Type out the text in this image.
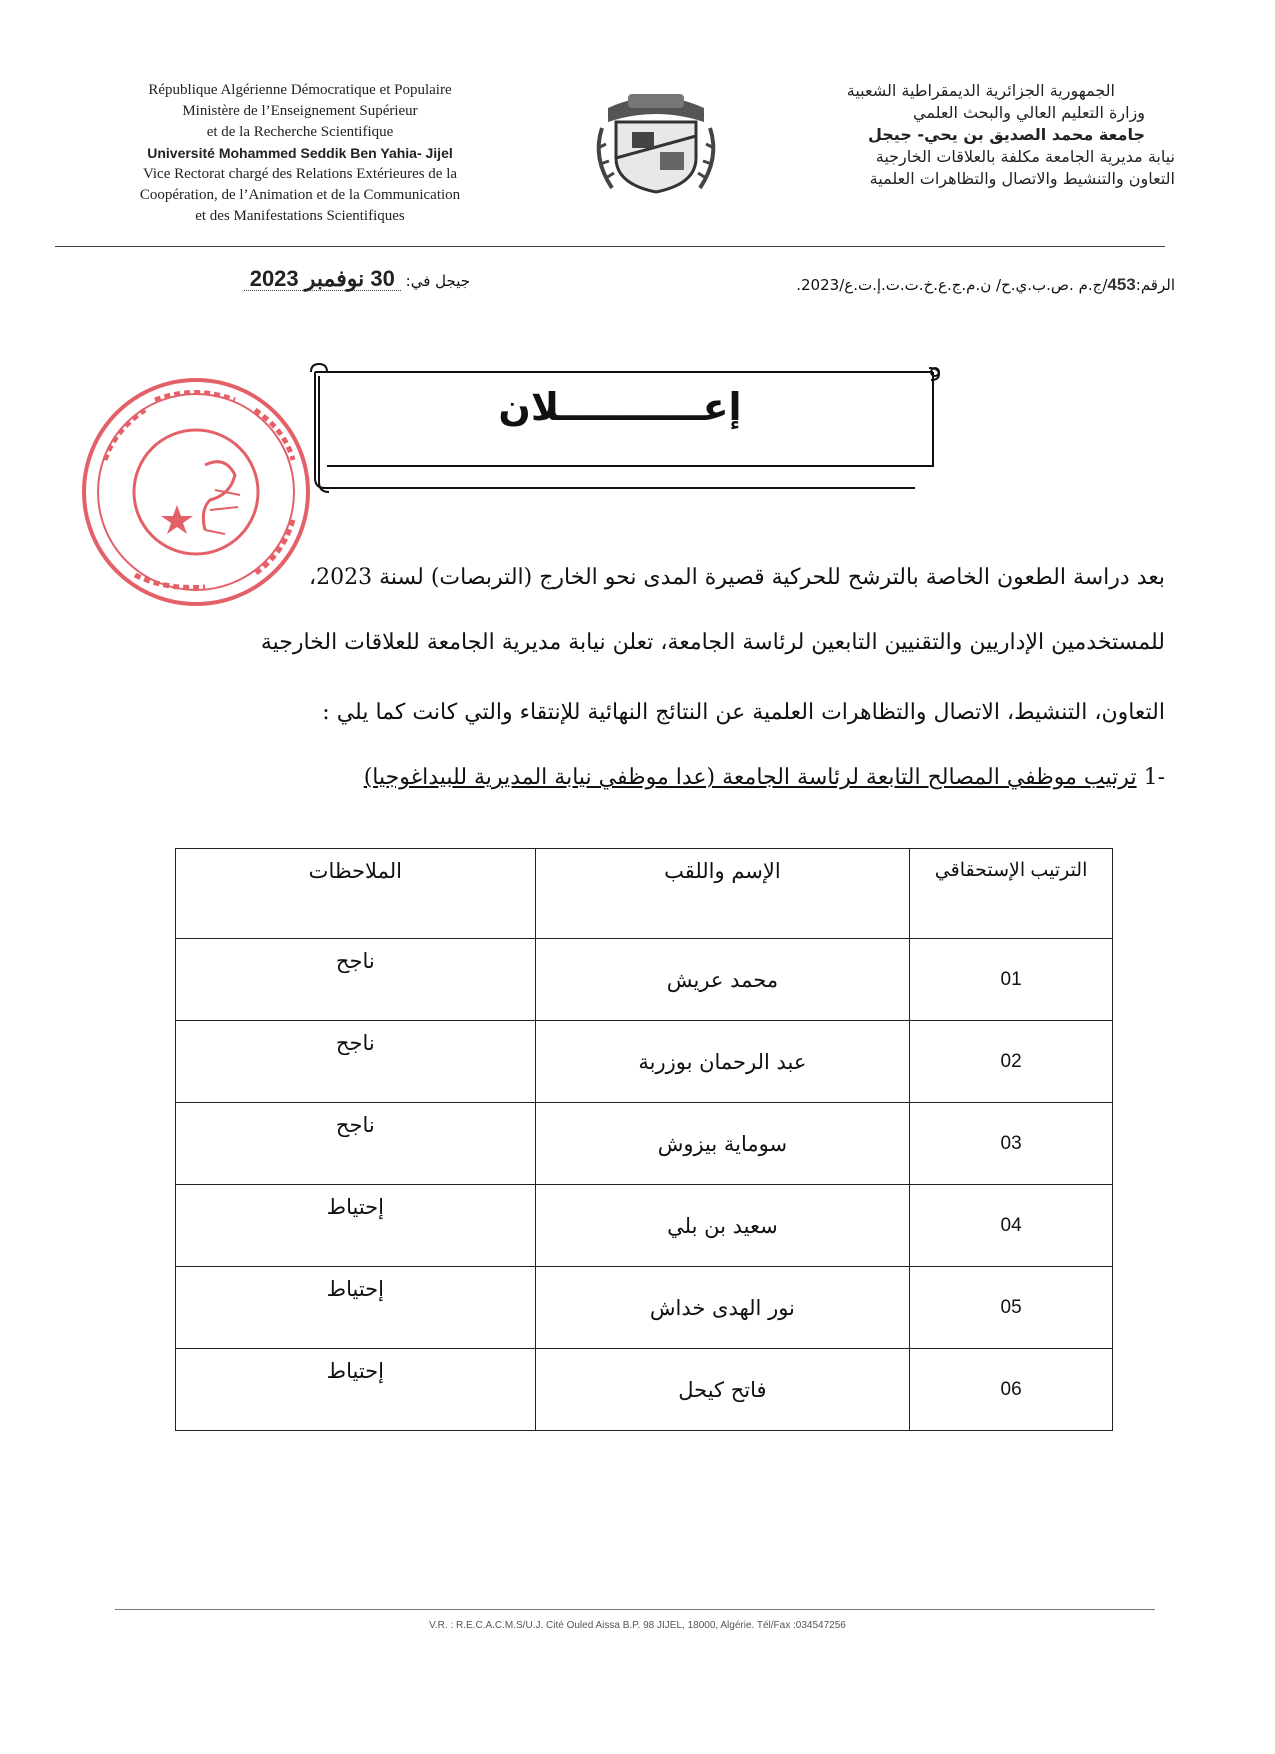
République Algérienne Démocratique et Populaire
Ministère de l’Enseignement Supérieur
et de la Recherche Scientifique
Université Mohammed Seddik Ben Yahia- Jijel
Vice Rectorat chargé des Relations Extérieures de la
Coopération, de l’Animation et de la Communication
et des Manifestations Scientifiques
الجمهورية الجزائرية الديمقراطية الشعبية
وزارة التعليم العالي والبحث العلمي
جامعة محمد الصديق بن يحي- جيجل
نيابة مديرية الجامعة مكلفة بالعلاقات الخارجية
التعاون والتنشيط والاتصال والتظاهرات العلمية
الرقم:453/ج.م .ص.ب.ي.ح/ ن.م.ج.ع.خ.ت.ت.إ.ت.ع/2023.
جيجل في: 30 نوفمبر 2023
إعـــــــــــلان
بعد دراسة الطعون الخاصة بالترشح للحركية قصيرة المدى نحو الخارج (التربصات) لسنة 2023،
للمستخدمين الإداريين والتقنيين التابعين لرئاسة الجامعة، تعلن نيابة مديرية الجامعة للعلاقات الخارجية
التعاون، التنشيط، الاتصال والتظاهرات العلمية عن النتائج النهائية للإنتقاء والتي كانت كما يلي :
-1 ترتيب موظفي المصالح التابعة لرئاسة الجامعة (عدا موظفي نيابة المديرية للبيداغوجيا)
الترتيب الإستحقاقي	الإسم واللقب	الملاحظات
01	محمد عريش	ناجح
02	عبد الرحمان بوزربة	ناجح
03	سومایة بیزوش	ناجح
04	سعيد بن بلي	إحتياط
05	نور الهدى خداش	إحتياط
06	فاتح كيحل	إحتياط
V.R. : R.E.C.A.C.M.S/U.J. Cité Ouled Aissa B.P. 98 JIJEL, 18000, Algérie. Tél/Fax :034547256
